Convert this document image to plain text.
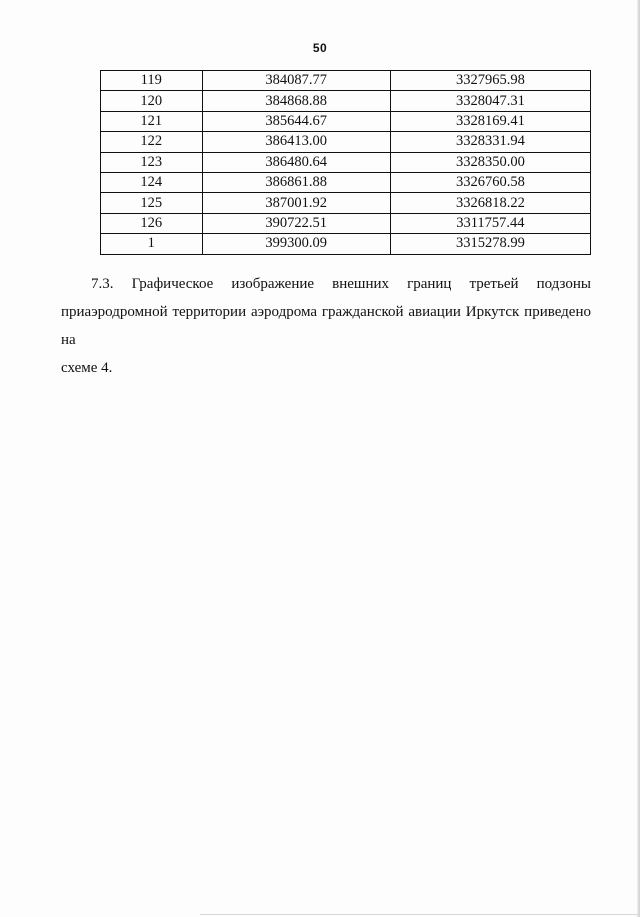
50
119	384087.77	3327965.98
120	384868.88	3328047.31
121	385644.67	3328169.41
122	386413.00	3328331.94
123	386480.64	3328350.00
124	386861.88	3326760.58
125	387001.92	3326818.22
126	390722.51	3311757.44
1	399300.09	3315278.99
7.3. Графическое изображение внешних границ третьей подзоны
приаэродромной территории аэродрома гражданской авиации Иркутск приведено на
схеме 4.
